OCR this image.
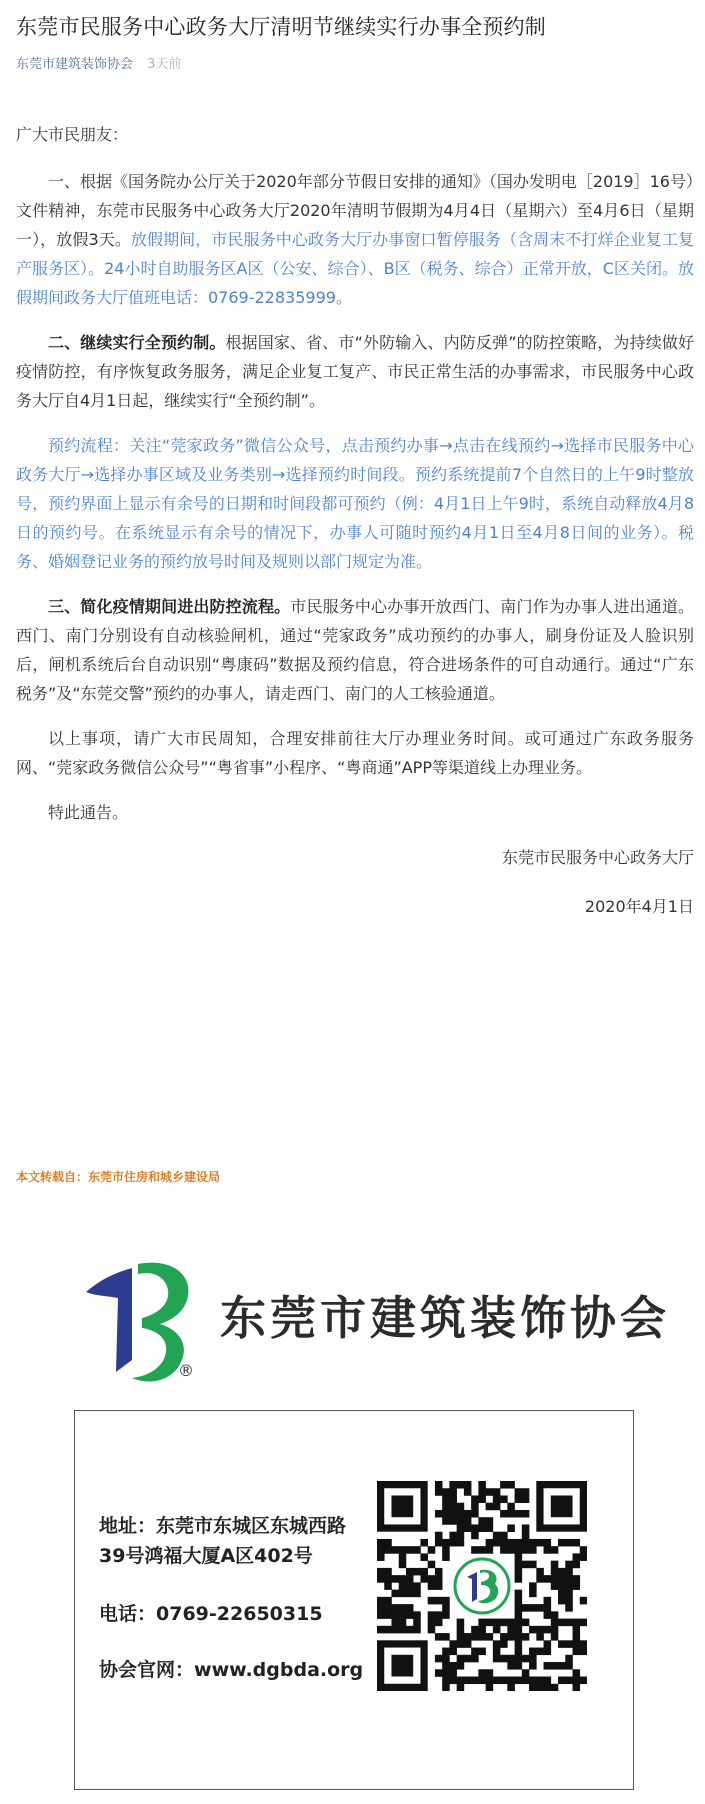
东莞市民服务中心政务大厅清明节继续实行办事全预约制
东莞市建筑装饰协会 3天前

广大市民朋友：

一、根据《国务院办公厅关于2020年部分节假日安排的通知》（国办发明电［2019］16号）文件精神，东莞市民服务中心政务大厅2020年清明节假期为4月4日（星期六）至4月6日（星期一），放假3天。放假期间，市民服务中心政务大厅办事窗口暂停服务（含周末不打烊企业复工复产服务区）。24小时自助服务区A区（公安、综合）、B区（税务、综合）正常开放，C区关闭。放假期间政务大厅值班电话：0769-22835999。

二、继续实行全预约制。根据国家、省、市“外防输入、内防反弹”的防控策略，为持续做好疫情防控，有序恢复政务服务，满足企业复工复产、市民正常生活的办事需求，市民服务中心政务大厅自4月1日起，继续实行“全预约制”。

预约流程：关注“莞家政务”微信公众号，点击预约办事→点击在线预约→选择市民服务中心政务大厅→选择办事区域及业务类别→选择预约时间段。预约系统提前7个自然日的上午9时整放号，预约界面上显示有余号的日期和时间段都可预约（例：4月1日上午9时，系统自动释放4月8日的预约号。在系统显示有余号的情况下，办事人可随时预约4月1日至4月8日间的业务）。税务、婚姻登记业务的预约放号时间及规则以部门规定为准。

三、简化疫情期间进出防控流程。市民服务中心办事开放西门、南门作为办事人进出通道。西门、南门分别设有自动核验闸机，通过“莞家政务”成功预约的办事人，刷身份证及人脸识别后，闸机系统后台自动识别“粤康码”数据及预约信息，符合进场条件的可自动通行。通过“广东税务”及“东莞交警”预约的办事人，请走西门、南门的人工核验通道。

以上事项，请广大市民周知，合理安排前往大厅办理业务时间。或可通过广东政务服务网、“莞家政务微信公众号”“粤省事”小程序、“粤商通”APP等渠道线上办理业务。

特此通告。

东莞市民服务中心政务大厅

2020年4月1日

本文转载自：东莞市住房和城乡建设局
®
东莞市建筑装饰协会
地址：东莞市东城区东城西路
39号鸿福大厦A区402号
电话：0769-22650315
协会官网：www.dgbda.org
